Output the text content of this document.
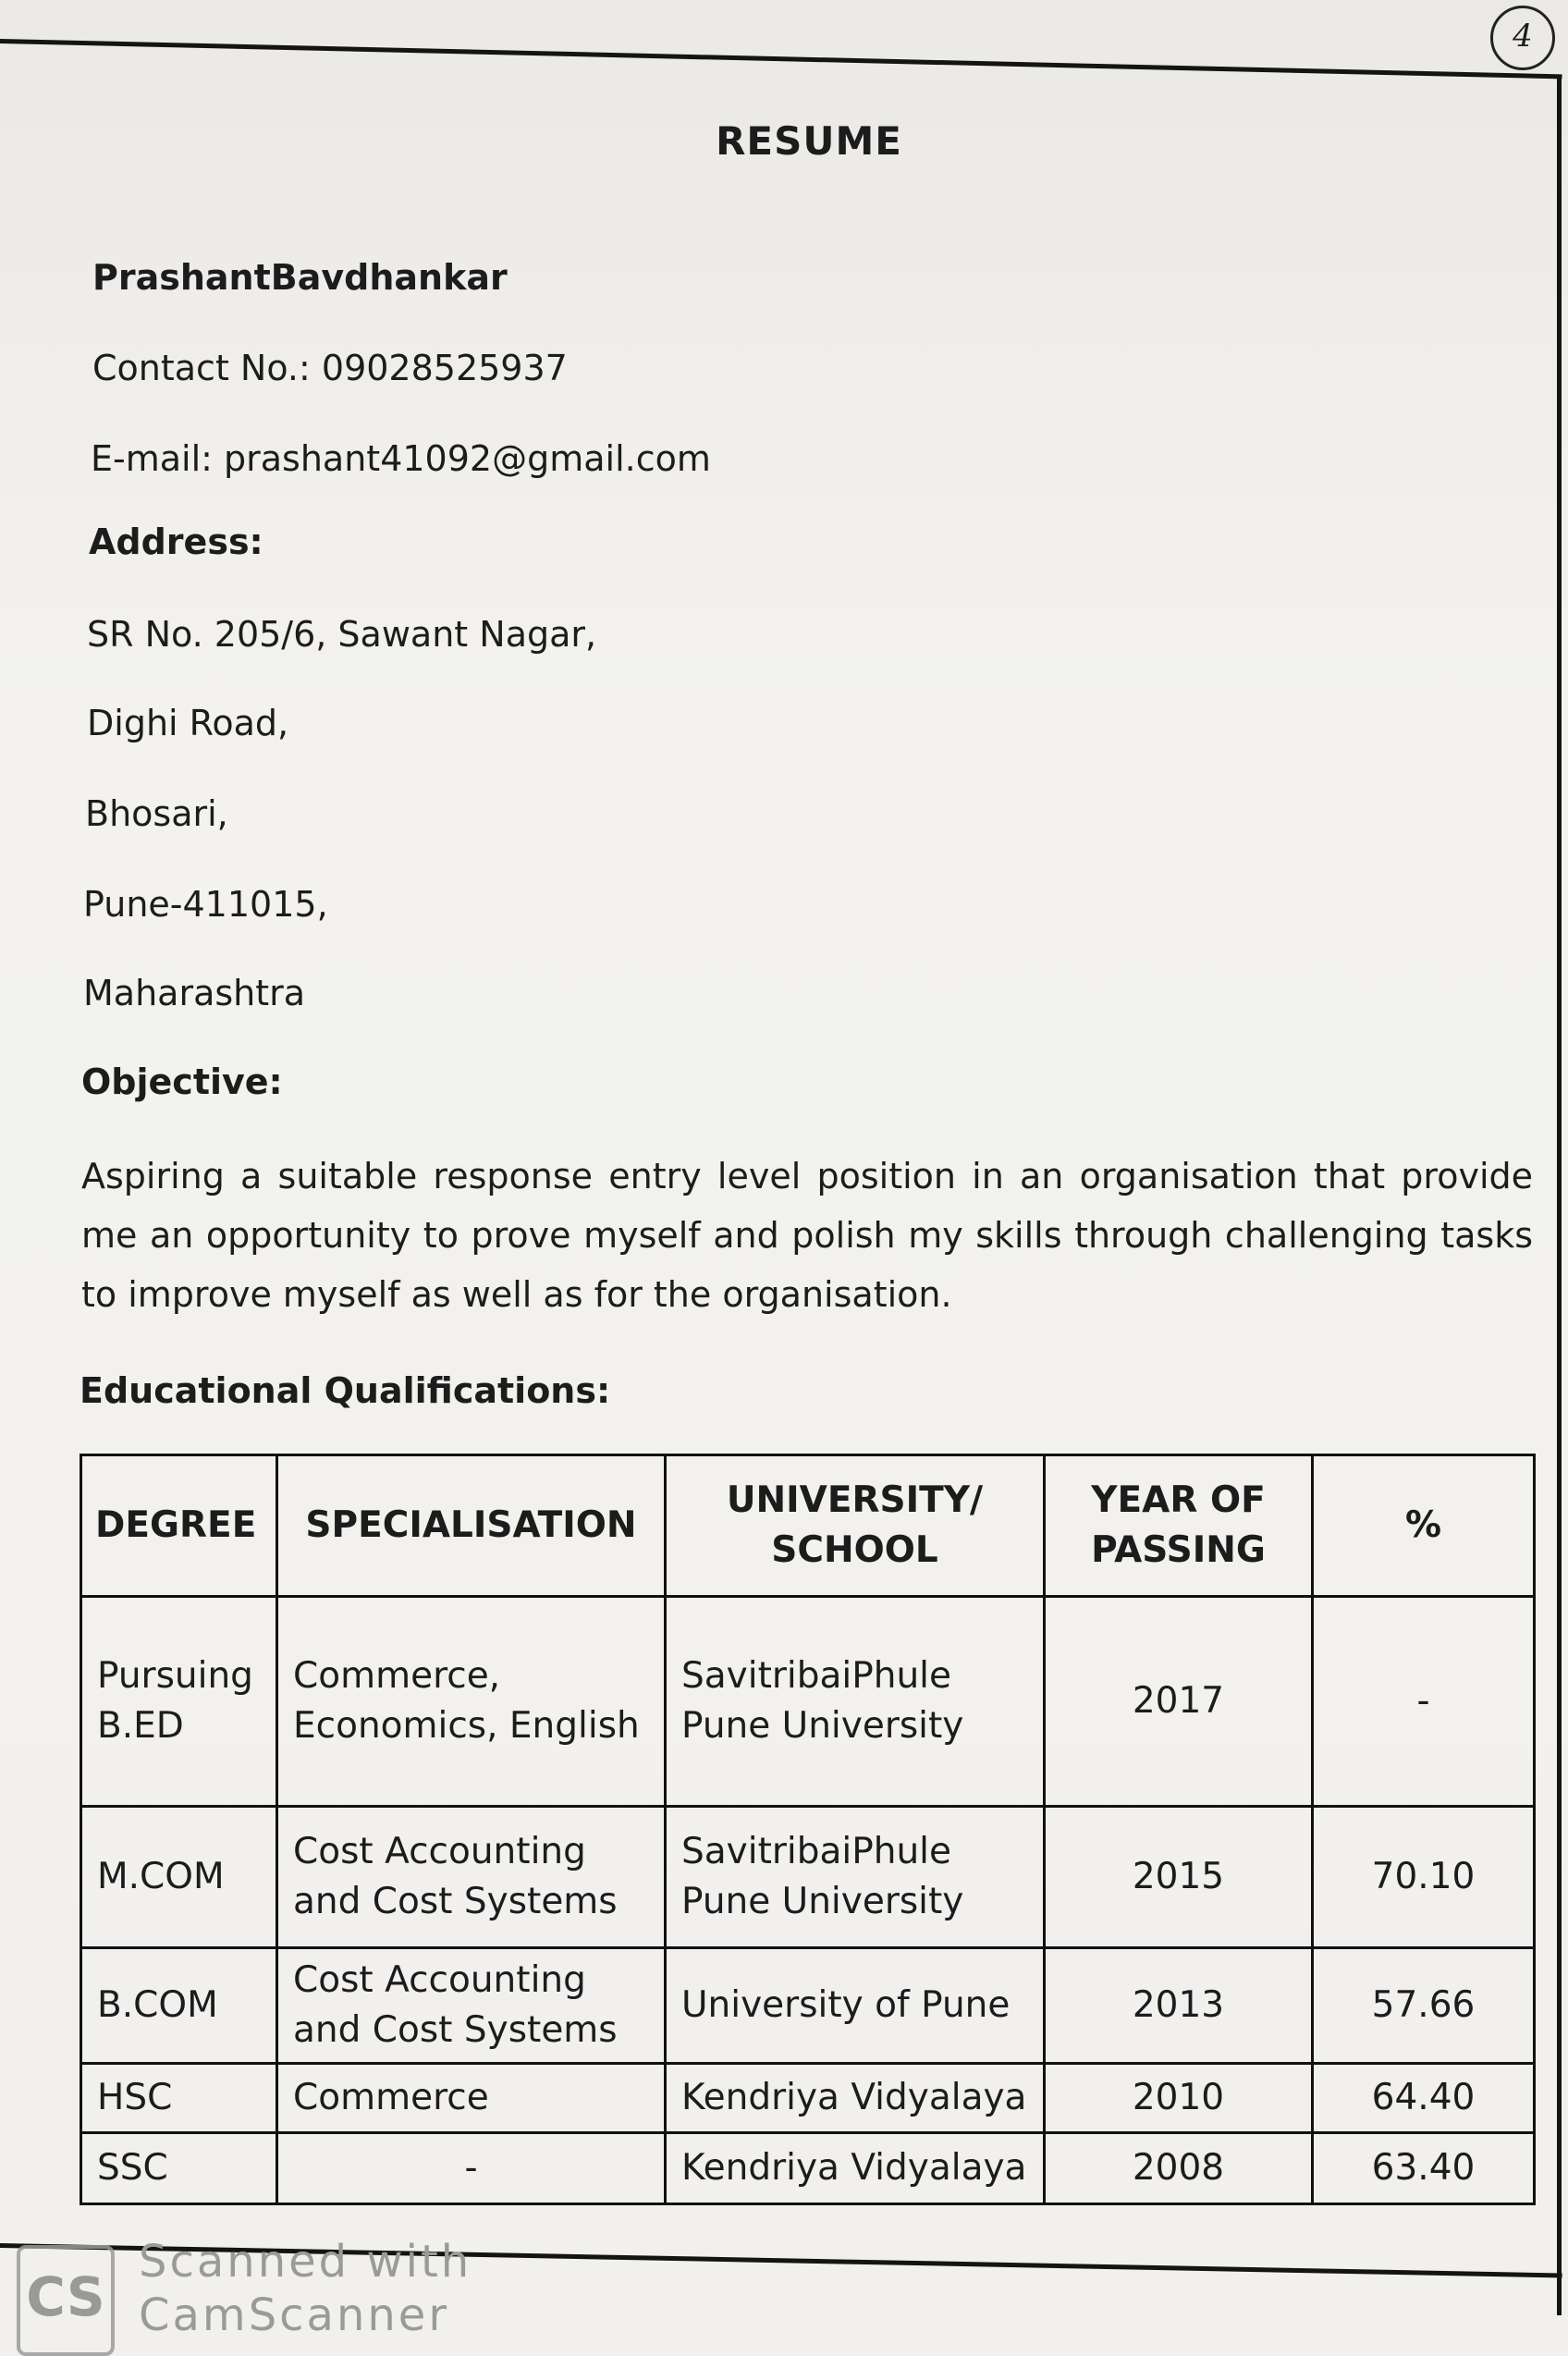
4
RESUME
PrashantBavdhankar
Contact No.: 09028525937
E-mail: prashant41092@gmail.com
Address:
SR No. 205/6, Sawant Nagar,
Dighi Road,
Bhosari,
Pune-411015,
Maharashtra
Objective:
Aspiring a suitable response entry level position in an organisation that provide me an opportunity to prove myself and polish my skills through challenging tasks to improve myself as well as for the organisation.
Educational Qualifications:
DEGREE	SPECIALISATION	UNIVERSITY/ SCHOOL	YEAR OF PASSING	%
Pursuing B.ED	Commerce, Economics, English	SavitribaiPhule Pune University	2017	-
M.COM	Cost Accounting and Cost Systems	SavitribaiPhule Pune University	2015	70.10
B.COM	Cost Accounting and Cost Systems	University of Pune	2013	57.66
HSC	Commerce	Kendriya Vidyalaya	2010	64.40
SSC	-	Kendriya Vidyalaya	2008	63.40
CS
Scanned with
CamScanner
